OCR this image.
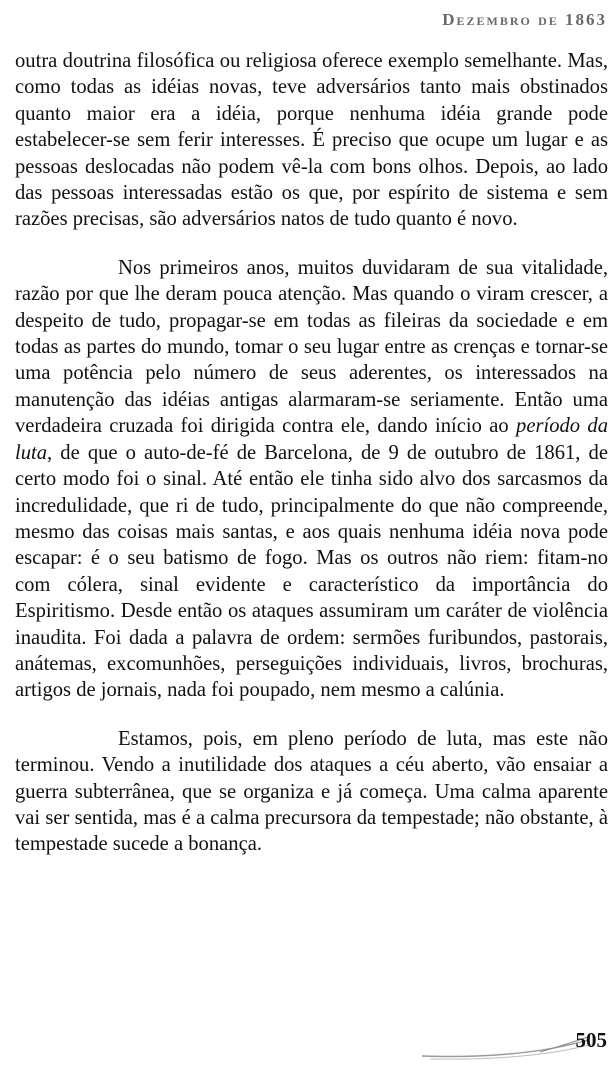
Dezembro de 1863

outra doutrina filosófica ou religiosa oferece exemplo semelhante. Mas, como todas as idéias novas, teve adversários tanto mais obstinados quanto maior era a idéia, porque nenhuma idéia grande pode estabelecer-se sem ferir interesses. É preciso que ocupe um lugar e as pessoas deslocadas não podem vê-la com bons olhos. Depois, ao lado das pessoas interessadas estão os que, por espírito de sistema e sem razões precisas, são adversários natos de tudo quanto é novo.

Nos primeiros anos, muitos duvidaram de sua vitalidade, razão por que lhe deram pouca atenção. Mas quando o viram crescer, a despeito de tudo, propagar-se em todas as fileiras da sociedade e em todas as partes do mundo, tomar o seu lugar entre as crenças e tornar-se uma potência pelo número de seus aderentes, os interessados na manutenção das idéias antigas alarmaram-se seriamente. Então uma verdadeira cruzada foi dirigida contra ele, dando início ao período da luta, de que o auto-de-fé de Barcelona, de 9 de outubro de 1861, de certo modo foi o sinal. Até então ele tinha sido alvo dos sarcasmos da incredulidade, que ri de tudo, principalmente do que não compreende, mesmo das coisas mais santas, e aos quais nenhuma idéia nova pode escapar: é o seu batismo de fogo. Mas os outros não riem: fitam-no com cólera, sinal evidente e característico da importância do Espiritismo. Desde então os ataques assumiram um caráter de violência inaudita. Foi dada a palavra de ordem: sermões furibundos, pastorais, anátemas, excomunhões, perseguições individuais, livros, brochuras, artigos de jornais, nada foi poupado, nem mesmo a calúnia.

Estamos, pois, em pleno período de luta, mas este não terminou. Vendo a inutilidade dos ataques a céu aberto, vão ensaiar a guerra subterrânea, que se organiza e já começa. Uma calma aparente vai ser sentida, mas é a calma precursora da tempestade; não obstante, à tempestade sucede a bonança.

505
